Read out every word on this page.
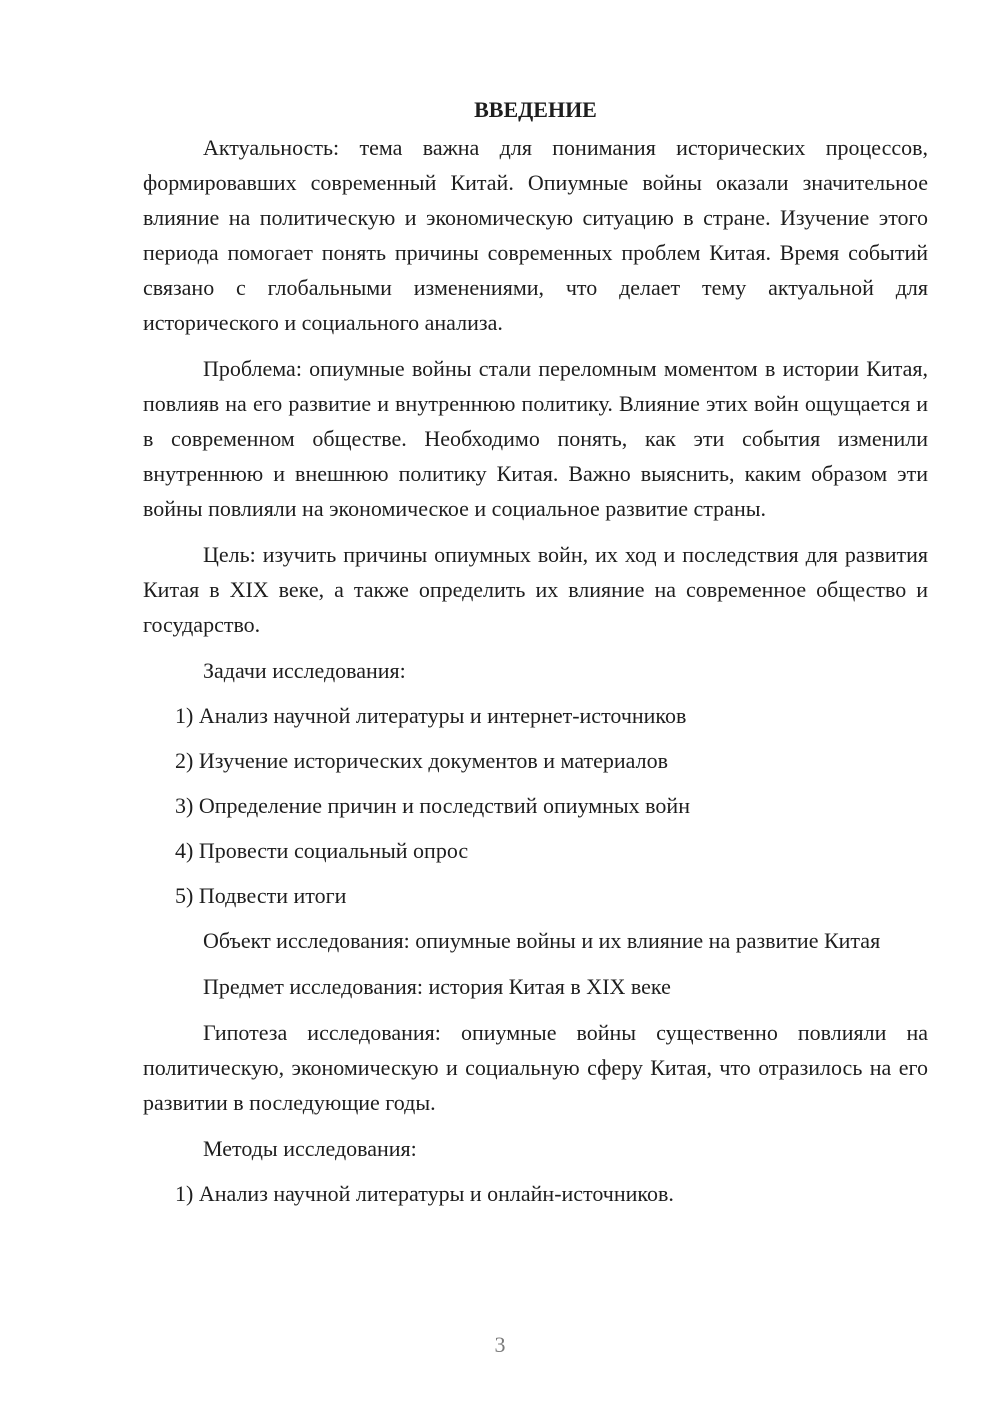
ВВЕДЕНИЕ

Актуальность: тема важна для понимания исторических процессов, формировавших современный Китай. Опиумные войны оказали значительное влияние на политическую и экономическую ситуацию в стране. Изучение этого периода помогает понять причины современных проблем Китая. Время событий связано с глобальными изменениями, что делает тему актуальной для исторического и социального анализа.

Проблема: опиумные войны стали переломным моментом в истории Китая, повлияв на его развитие и внутреннюю политику. Влияние этих войн ощущается и в современном обществе. Необходимо понять, как эти события изменили внутреннюю и внешнюю политику Китая. Важно выяснить, каким образом эти войны повлияли на экономическое и социальное развитие страны.

Цель: изучить причины опиумных войн, их ход и последствия для развития Китая в XIX веке, а также определить их влияние на современное общество и государство.

Задачи исследования:
1) Анализ научной литературы и интернет-источников
2) Изучение исторических документов и материалов
3) Определение причин и последствий опиумных войн
4) Провести социальный опрос
5) Подвести итоги

Объект исследования: опиумные войны и их влияние на развитие Китая

Предмет исследования: история Китая в XIX веке

Гипотеза исследования: опиумные войны существенно повлияли на политическую, экономическую и социальную сферу Китая, что отразилось на его развитии в последующие годы.

Методы исследования:
1) Анализ научной литературы и онлайн-источников.
3
